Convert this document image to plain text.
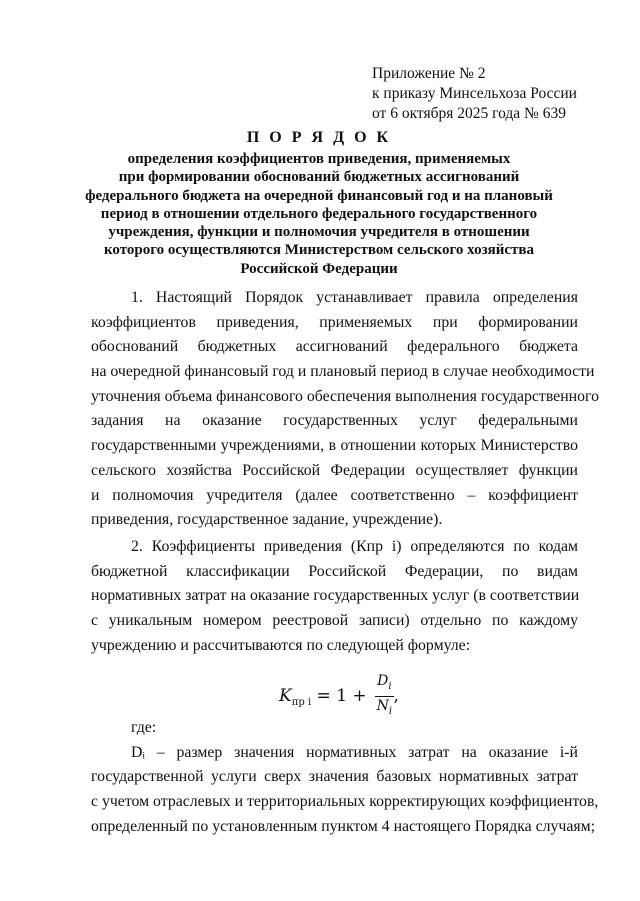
Приложение № 2
к приказу Минсельхоза России
от 6 октября 2025 года № 639
П О Р Я Д О К
определения коэффициентов приведения, применяемых
при формировании обоснований бюджетных ассигнований
федерального бюджета на очередной финансовый год и на плановый
период в отношении отдельного федерального государственного
учреждения, функции и полномочия учредителя в отношении
которого осуществляются Министерством сельского хозяйства
Российской Федерации
1. Настоящий Порядок устанавливает правила определения
коэффициентов приведения, применяемых при формировании
обоснований бюджетных ассигнований федерального бюджета
на очередной финансовый год и плановый период в случае необходимости
уточнения объема финансового обеспечения выполнения государственного
задания на оказание государственных услуг федеральными
государственными учреждениями, в отношении которых Министерство
сельского хозяйства Российской Федерации осуществляет функции
и полномочия учредителя (далее соответственно – коэффициент
приведения, государственное задание, учреждение).
2. Коэффициенты приведения (Кпр i) определяются по кодам
бюджетной классификации Российской Федерации, по видам
нормативных затрат на оказание государственных услуг (в соответствии
с уникальным номером реестровой записи) отдельно по каждому
учреждению и рассчитываются по следующей формуле:
$K_{пр i} = 1 + \frac{D_i}{N_i}$ ,
где:
Dᵢ – размер значения нормативных затрат на оказание i-й
государственной услуги сверх значения базовых нормативных затрат
с учетом отраслевых и территориальных корректирующих коэффициентов,
определенный по установленным пунктом 4 настоящего Порядка случаям;
